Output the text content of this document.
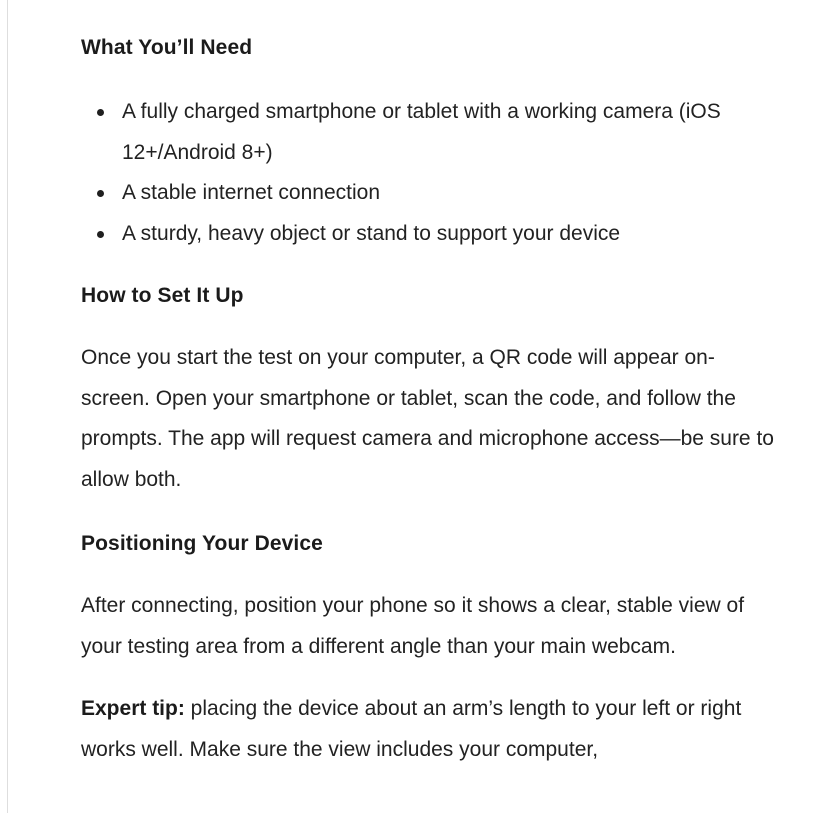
What You’ll Need
A fully charged smartphone or tablet with a working camera (iOS 12+/Android 8+)
A stable internet connection
A sturdy, heavy object or stand to support your device
How to Set It Up

Once you start the test on your computer, a QR code will appear on-screen. Open your smartphone or tablet, scan the code, and follow the prompts. The app will request camera and microphone access—be sure to allow both.

Positioning Your Device

After connecting, position your phone so it shows a clear, stable view of your testing area from a different angle than your main webcam.

Expert tip: placing the device about an arm’s length to your left or right works well. Make sure the view includes your computer,
